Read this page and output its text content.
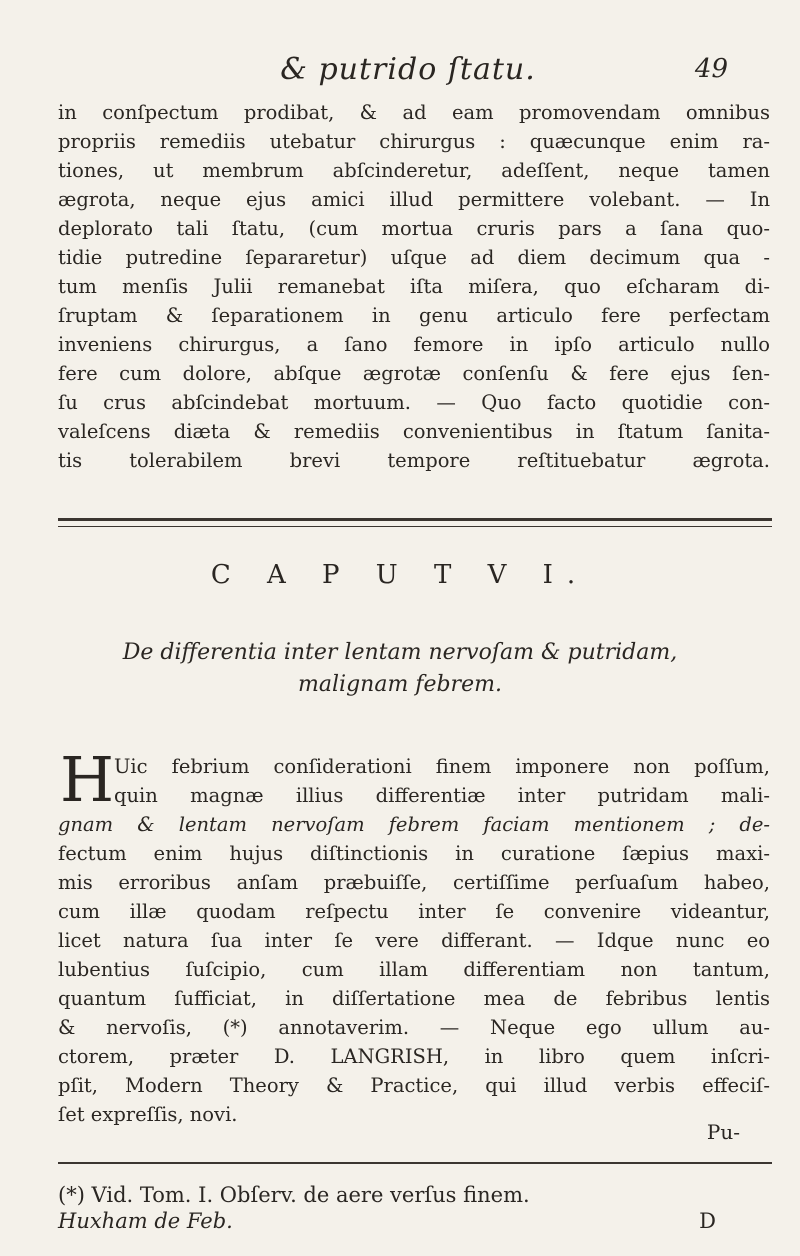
& putrido ſtatu.	49
in conſpectum prodibat, & ad eam promovendam omnibus
propriis remediis utebatur chirurgus : quæcunque enim ra-
tiones, ut membrum abſcinderetur, adeſſent, neque tamen
ægrota, neque ejus amici illud permittere volebant. — In
deplorato tali ſtatu, (cum mortua cruris pars a ſana quo-
tidie putredine ſepararetur) uſque ad diem decimum qua -
tum menſis Julii remanebat iſta miſera, quo eſcharam di-
ſruptam & ſeparationem in genu articulo fere perfectam
inveniens chirurgus, a ſano femore in ipſo articulo nullo
fere cum dolore, abſque ægrotæ conſenſu & fere ejus ſen-
ſu crus abſcindebat mortuum. — Quo facto quotidie con-
valeſcens diæta & remediis convenientibus in ſtatum ſanita-
tis tolerabilem brevi tempore reſtituebatur ægrota.
C A P U T V I.
De differentia inter lentam nervoſam & putridam,
malignam febrem.
H Uic febrium conſiderationi finem imponere non poſſum,
quin magnæ illius differentiæ inter putridam mali-
gnam & lentam nervoſam febrem faciam mentionem ; de-
fectum enim hujus diſtinctionis in curatione ſæpius maxi-
mis erroribus anſam præbuiſſe, certiſſime perſuaſum habeo,
cum illæ quodam reſpectu inter ſe convenire videantur,
licet natura ſua inter ſe vere differant. — Idque nunc eo
lubentius ſuſcipio, cum illam differentiam non tantum,
quantum ſufficiat, in diſſertatione mea de febribus lentis
& nervoſis, (*) annotaverim. — Neque ego ullum au-
ctorem, præter D. LANGRISH, in libro quem inſcri-
pſit, Modern Theory & Practice, qui illud verbis effeciſ-
ſet expreſſis, novi.
Pu-
(*) Vid. Tom. I. Obſerv. de aere verſus finem.
Huxham de Feb.	D
